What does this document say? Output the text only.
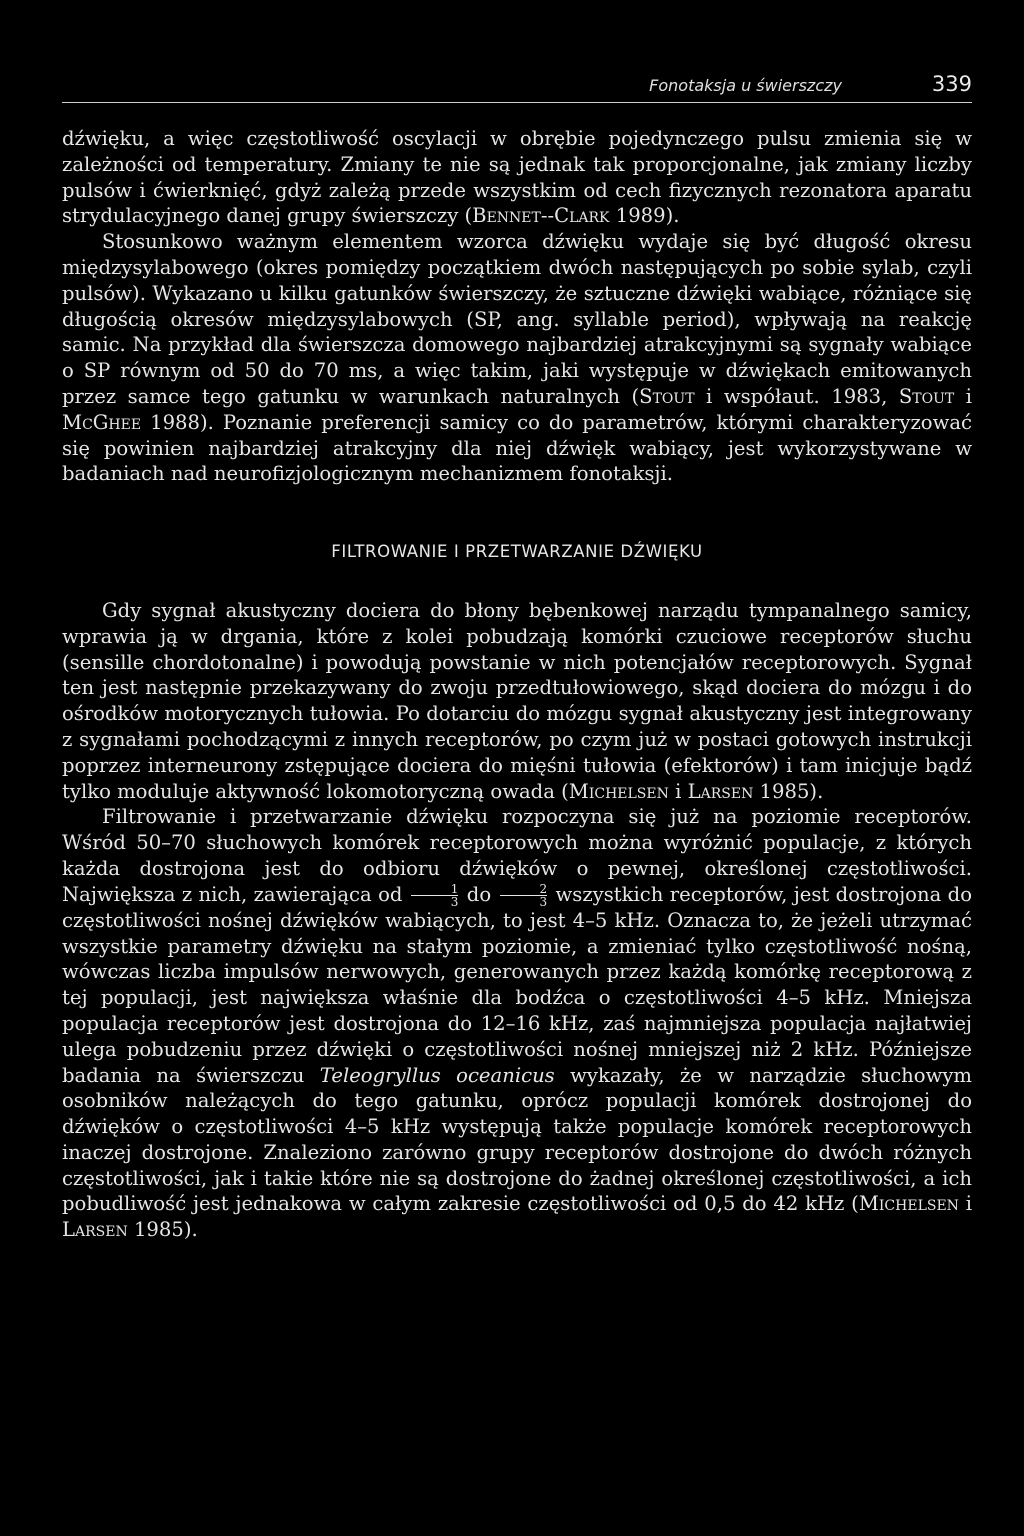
Fonotaksja u świerszczy	339

dźwięku, a więc częstotliwość oscylacji w obrębie pojedynczego pulsu zmienia się w zależności od temperatury. Zmiany te nie są jednak tak proporcjonalne, jak zmiany liczby pulsów i ćwierknięć, gdyż zależą przede wszystkim od cech fizycznych rezonatora aparatu strydulacyjnego danej grupy świerszczy (Bennet--Clark 1989).

Stosunkowo ważnym elementem wzorca dźwięku wydaje się być długość okresu międzysylabowego (okres pomiędzy początkiem dwóch następujących po sobie sylab, czyli pulsów). Wykazano u kilku gatunków świerszczy, że sztuczne dźwięki wabiące, różniące się długością okresów międzysylabowych (SP, ang. syllable period), wpływają na reakcję samic. Na przykład dla świerszcza domowego najbardziej atrakcyjnymi są sygnały wabiące o SP równym od 50 do 70 ms, a więc takim, jaki występuje w dźwiękach emitowanych przez samce tego gatunku w warunkach naturalnych (Stout i współaut. 1983, Stout i McGhee 1988). Poznanie preferencji samicy co do parametrów, którymi charakteryzować się powinien najbardziej atrakcyjny dla niej dźwięk wabiący, jest wykorzystywane w badaniach nad neurofizjologicznym mechanizmem fonotaksji.

FILTROWANIE I PRZETWARZANIE DŹWIĘKU

Gdy sygnał akustyczny dociera do błony bębenkowej narządu tympanalnego samicy, wprawia ją w drgania, które z kolei pobudzają komórki czuciowe receptorów słuchu (sensille chordotonalne) i powodują powstanie w nich potencjałów receptorowych. Sygnał ten jest następnie przekazywany do zwoju przedtułowiowego, skąd dociera do mózgu i do ośrodków motorycznych tułowia. Po dotarciu do mózgu sygnał akustyczny jest integrowany z sygnałami pochodzącymi z innych receptorów, po czym już w postaci gotowych instrukcji poprzez interneurony zstępujące dociera do mięśni tułowia (efektorów) i tam inicjuje bądź tylko moduluje aktywność lokomotoryczną owada (Michelsen i Larsen 1985).

Filtrowanie i przetwarzanie dźwięku rozpoczyna się już na poziomie receptorów. Wśród 50–70 słuchowych komórek receptorowych można wyróżnić populacje, z których każda dostrojona jest do odbioru dźwięków o pewnej, określonej częstotliwości. Największa z nich, zawierająca od $\frac{1}{3}$ do $\frac{2}{3}$ wszystkich receptorów, jest dostrojona do częstotliwości nośnej dźwięków wabiących, to jest 4–5 kHz. Oznacza to, że jeżeli utrzymać wszystkie parametry dźwięku na stałym poziomie, a zmieniać tylko częstotliwość nośną, wówczas liczba impulsów nerwowych, generowanych przez każdą komórkę receptorową z tej populacji, jest największa właśnie dla bodźca o częstotliwości 4–5 kHz. Mniejsza populacja receptorów jest dostrojona do 12–16 kHz, zaś najmniejsza populacja najłatwiej ulega pobudzeniu przez dźwięki o częstotliwości nośnej mniejszej niż 2 kHz. Późniejsze badania na świerszczu Teleogryllus oceanicus wykazały, że w narządzie słuchowym osobników należących do tego gatunku, oprócz populacji komórek dostrojonej do dźwięków o częstotliwości 4–5 kHz występują także populacje komórek receptorowych inaczej dostrojone. Znaleziono zarówno grupy receptorów dostrojone do dwóch różnych częstotliwości, jak i takie które nie są dostrojone do żadnej określonej częstotliwości, a ich pobudliwość jest jednakowa w całym zakresie częstotliwości od 0,5 do 42 kHz (Michelsen i Larsen 1985).
